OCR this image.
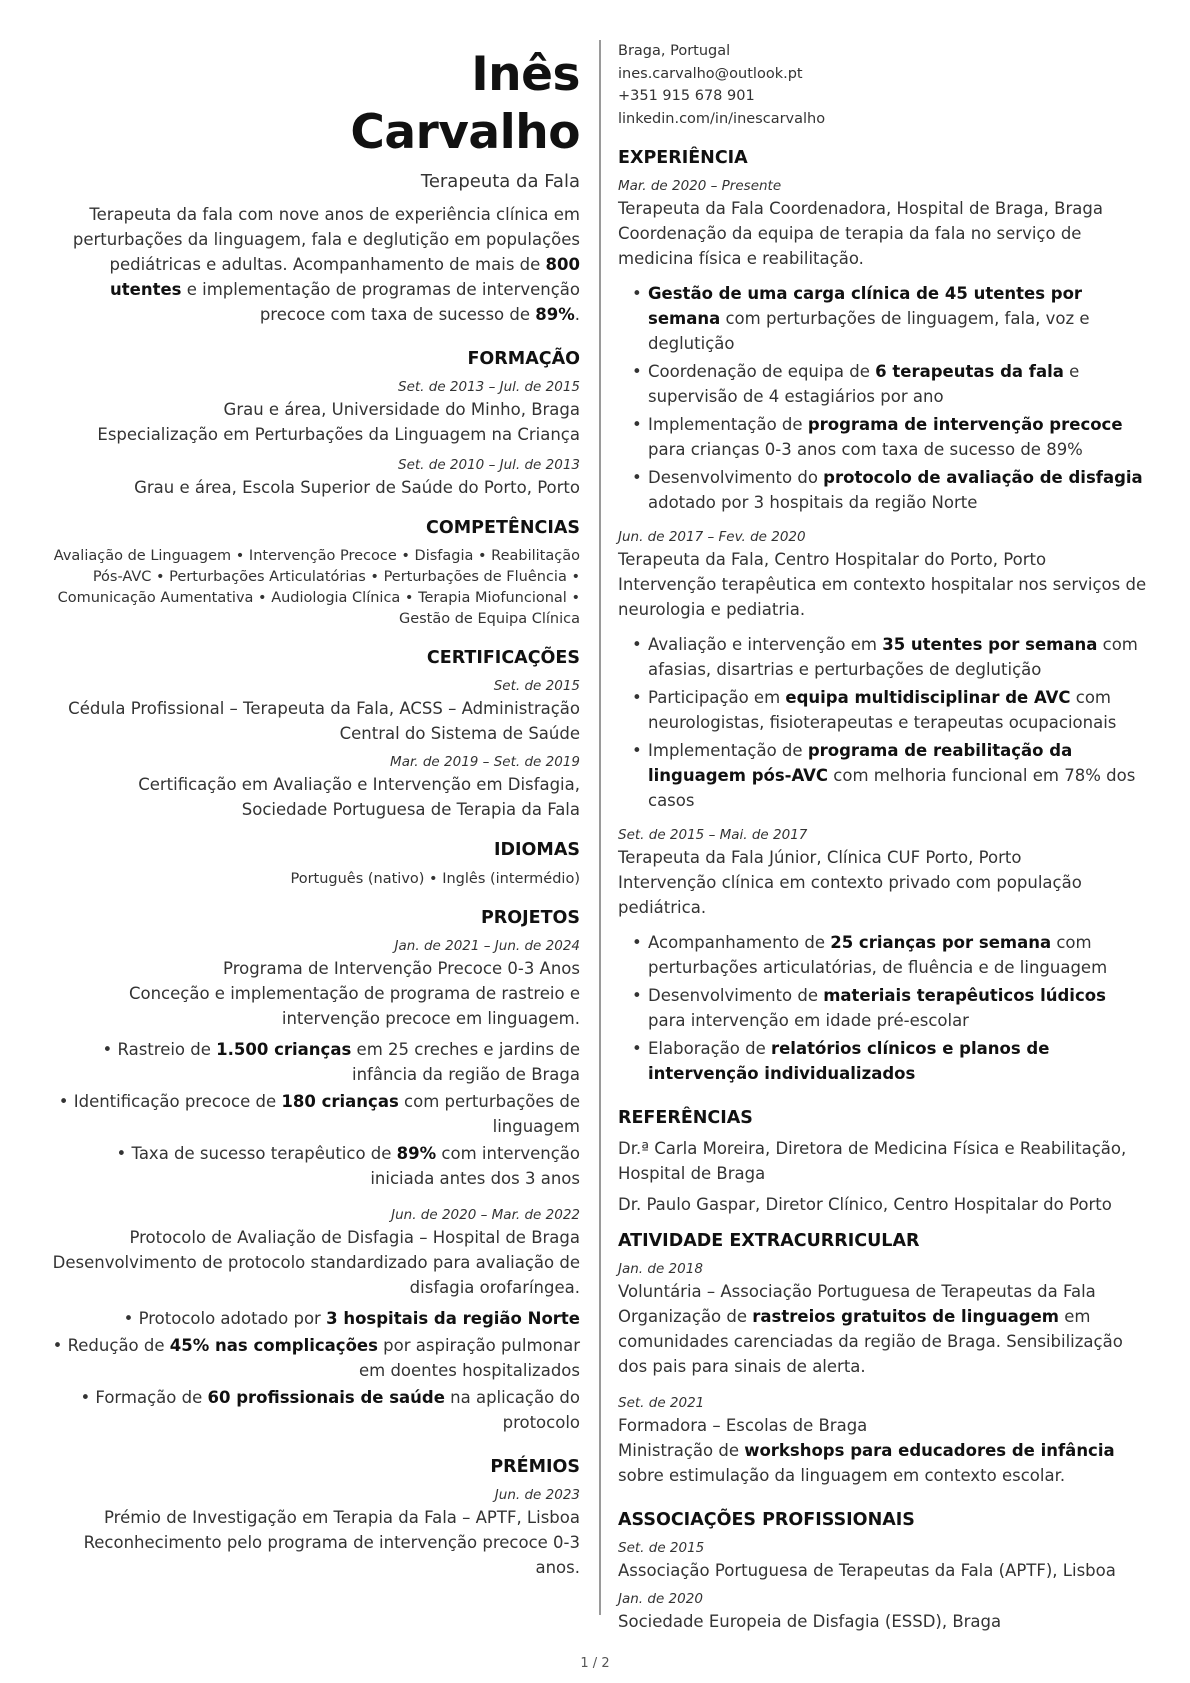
Inês
Carvalho
Terapeuta da Fala
Terapeuta da fala com nove anos de experiência clínica em perturbações da linguagem, fala e deglutição em populações pediátricas e adultas. Acompanhamento de mais de 800 utentes e implementação de programas de intervenção precoce com taxa de sucesso de 89%.
FORMAÇÃO
Set. de 2013 – Jul. de 2015
Grau e área, Universidade do Minho, Braga
Especialização em Perturbações da Linguagem na Criança
Set. de 2010 – Jul. de 2013
Grau e área, Escola Superior de Saúde do Porto, Porto
COMPETÊNCIAS
Avaliação de Linguagem • Intervenção Precoce • Disfagia • Reabilitação Pós-AVC • Perturbações Articulatórias • Perturbações de Fluência • Comunicação Aumentativa • Audiologia Clínica • Terapia Miofuncional • Gestão de Equipa Clínica
CERTIFICAÇÕES
Set. de 2015
Cédula Profissional – Terapeuta da Fala, ACSS – Administração Central do Sistema de Saúde
Mar. de 2019 – Set. de 2019
Certificação em Avaliação e Intervenção em Disfagia, Sociedade Portuguesa de Terapia da Fala
IDIOMAS
Português (nativo) • Inglês (intermédio)
PROJETOS
Jan. de 2021 – Jun. de 2024
Programa de Intervenção Precoce 0-3 Anos
Conceção e implementação de programa de rastreio e intervenção precoce em linguagem.
• Rastreio de 1.500 crianças em 25 creches e jardins de infância da região de Braga
• Identificação precoce de 180 crianças com perturbações de linguagem
• Taxa de sucesso terapêutico de 89% com intervenção iniciada antes dos 3 anos
Jun. de 2020 – Mar. de 2022
Protocolo de Avaliação de Disfagia – Hospital de Braga
Desenvolvimento de protocolo standardizado para avaliação de disfagia orofaríngea.
• Protocolo adotado por 3 hospitais da região Norte
• Redução de 45% nas complicações por aspiração pulmonar em doentes hospitalizados
• Formação de 60 profissionais de saúde na aplicação do protocolo
PRÉMIOS
Jun. de 2023
Prémio de Investigação em Terapia da Fala – APTF, Lisboa
Reconhecimento pelo programa de intervenção precoce 0-3 anos.
Braga, Portugal
ines.carvalho@outlook.pt
+351 915 678 901
linkedin.com/in/inescarvalho
EXPERIÊNCIA
Mar. de 2020 – Presente
Terapeuta da Fala Coordenadora, Hospital de Braga, Braga
Coordenação da equipa de terapia da fala no serviço de medicina física e reabilitação.
• Gestão de uma carga clínica de 45 utentes por semana com perturbações de linguagem, fala, voz e deglutição
• Coordenação de equipa de 6 terapeutas da fala e supervisão de 4 estagiários por ano
• Implementação de programa de intervenção precoce para crianças 0-3 anos com taxa de sucesso de 89%
• Desenvolvimento do protocolo de avaliação de disfagia adotado por 3 hospitais da região Norte
Jun. de 2017 – Fev. de 2020
Terapeuta da Fala, Centro Hospitalar do Porto, Porto
Intervenção terapêutica em contexto hospitalar nos serviços de neurologia e pediatria.
• Avaliação e intervenção em 35 utentes por semana com afasias, disartrias e perturbações de deglutição
• Participação em equipa multidisciplinar de AVC com neurologistas, fisioterapeutas e terapeutas ocupacionais
• Implementação de programa de reabilitação da linguagem pós-AVC com melhoria funcional em 78% dos casos
Set. de 2015 – Mai. de 2017
Terapeuta da Fala Júnior, Clínica CUF Porto, Porto
Intervenção clínica em contexto privado com população pediátrica.
• Acompanhamento de 25 crianças por semana com perturbações articulatórias, de fluência e de linguagem
• Desenvolvimento de materiais terapêuticos lúdicos para intervenção em idade pré-escolar
• Elaboração de relatórios clínicos e planos de intervenção individualizados
REFERÊNCIAS
Dr.ª Carla Moreira, Diretora de Medicina Física e Reabilitação, Hospital de Braga
Dr. Paulo Gaspar, Diretor Clínico, Centro Hospitalar do Porto
ATIVIDADE EXTRACURRICULAR
Jan. de 2018
Voluntária – Associação Portuguesa de Terapeutas da Fala
Organização de rastreios gratuitos de linguagem em comunidades carenciadas da região de Braga. Sensibilização dos pais para sinais de alerta.
Set. de 2021
Formadora – Escolas de Braga
Ministração de workshops para educadores de infância sobre estimulação da linguagem em contexto escolar.
ASSOCIAÇÕES PROFISSIONAIS
Set. de 2015
Associação Portuguesa de Terapeutas da Fala (APTF), Lisboa
Jan. de 2020
Sociedade Europeia de Disfagia (ESSD), Braga
1 / 2
